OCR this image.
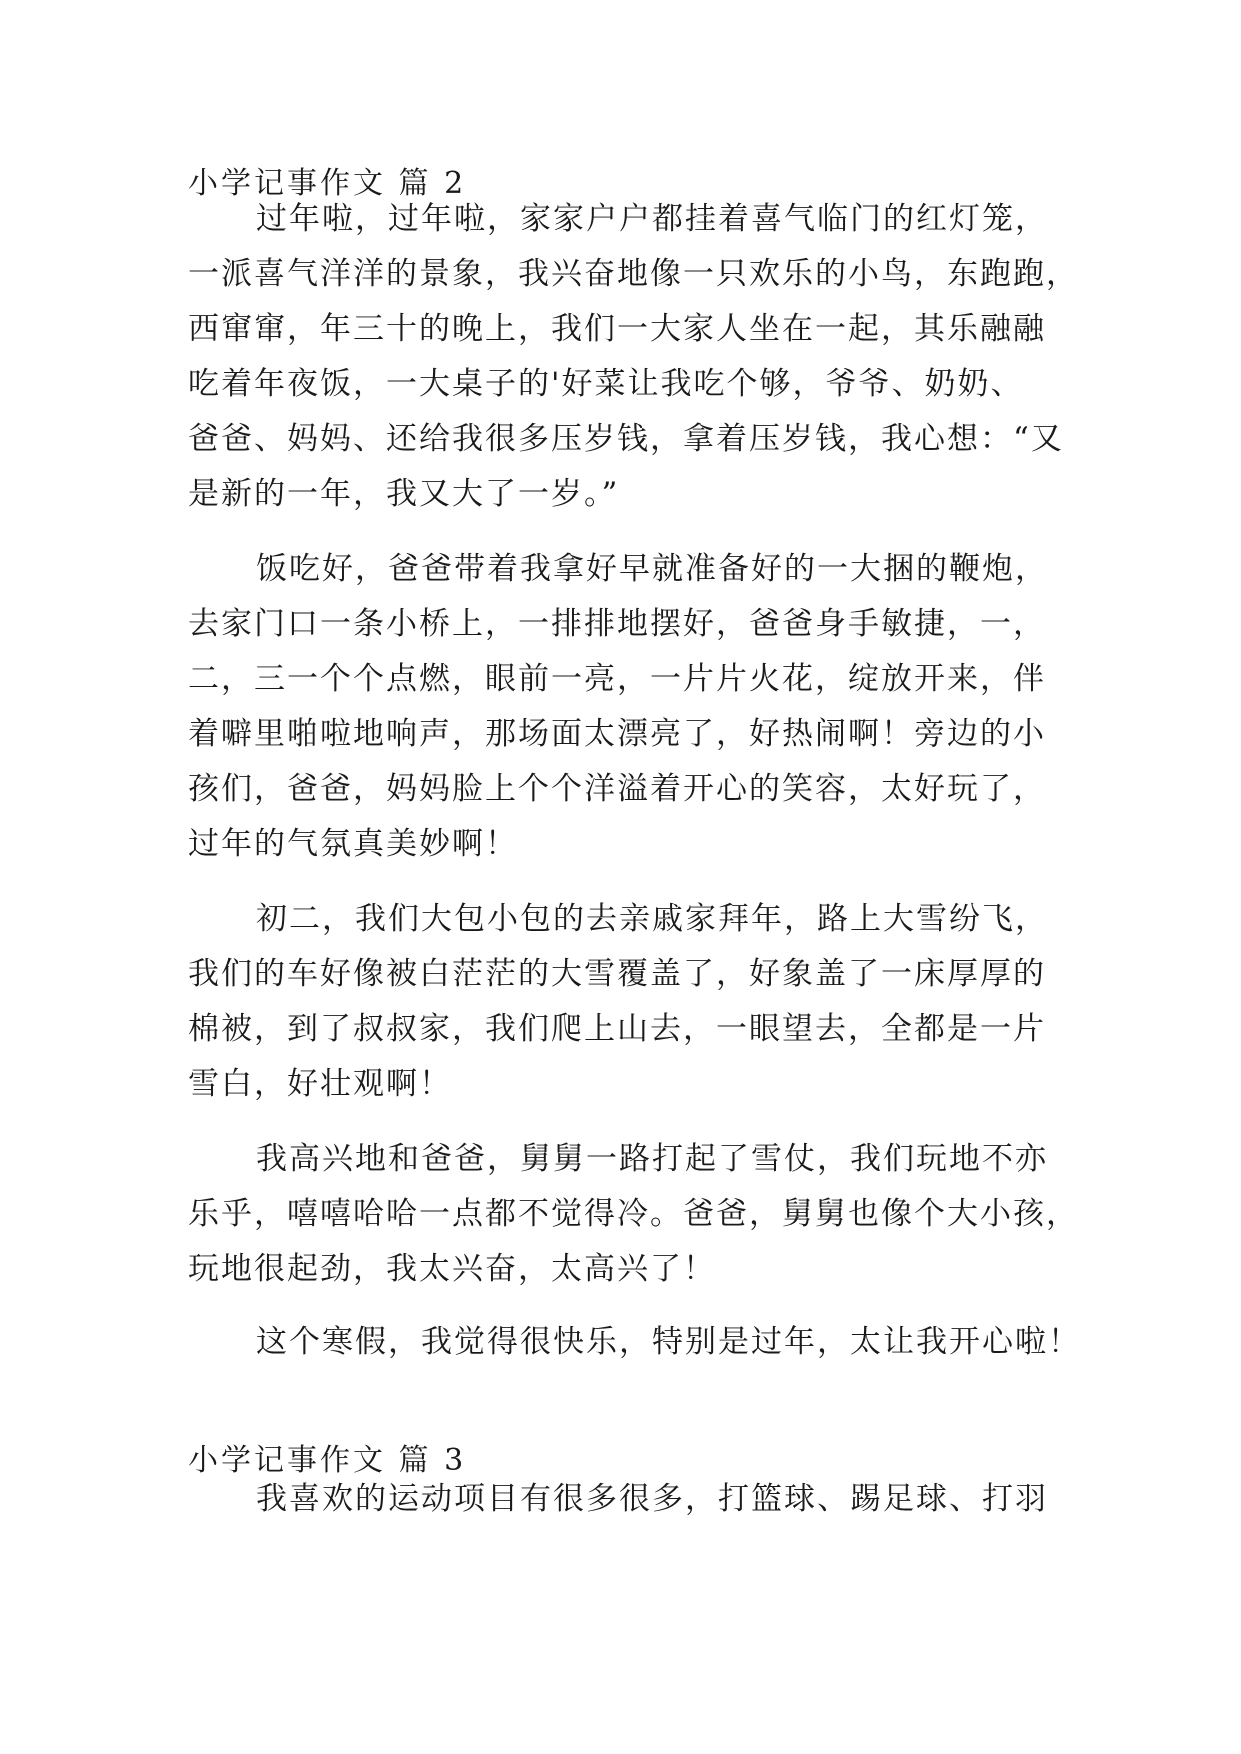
小学记事作文 篇 2
过年啦，过年啦，家家户户都挂着喜气临门的红灯笼，
一派喜气洋洋的景象，我兴奋地像一只欢乐的小鸟，东跑跑，
西窜窜，年三十的晚上，我们一大家人坐在一起，其乐融融
吃着年夜饭，一大桌子的'好菜让我吃个够，爷爷、奶奶、
爸爸、妈妈、还给我很多压岁钱，拿着压岁钱，我心想：“又
是新的一年，我又大了一岁。”
饭吃好，爸爸带着我拿好早就准备好的一大捆的鞭炮，
去家门口一条小桥上，一排排地摆好，爸爸身手敏捷，一，
二，三一个个点燃，眼前一亮，一片片火花，绽放开来，伴
着噼里啪啦地响声，那场面太漂亮了，好热闹啊！旁边的小
孩们，爸爸，妈妈脸上个个洋溢着开心的笑容，太好玩了，
过年的气氛真美妙啊！
初二，我们大包小包的去亲戚家拜年，路上大雪纷飞，
我们的车好像被白茫茫的大雪覆盖了，好象盖了一床厚厚的
棉被，到了叔叔家，我们爬上山去，一眼望去，全都是一片
雪白，好壮观啊！
我高兴地和爸爸，舅舅一路打起了雪仗，我们玩地不亦
乐乎，嘻嘻哈哈一点都不觉得冷。爸爸，舅舅也像个大小孩，
玩地很起劲，我太兴奋，太高兴了！
这个寒假，我觉得很快乐，特别是过年，太让我开心啦！
小学记事作文 篇 3
我喜欢的运动项目有很多很多，打篮球、踢足球、打羽
